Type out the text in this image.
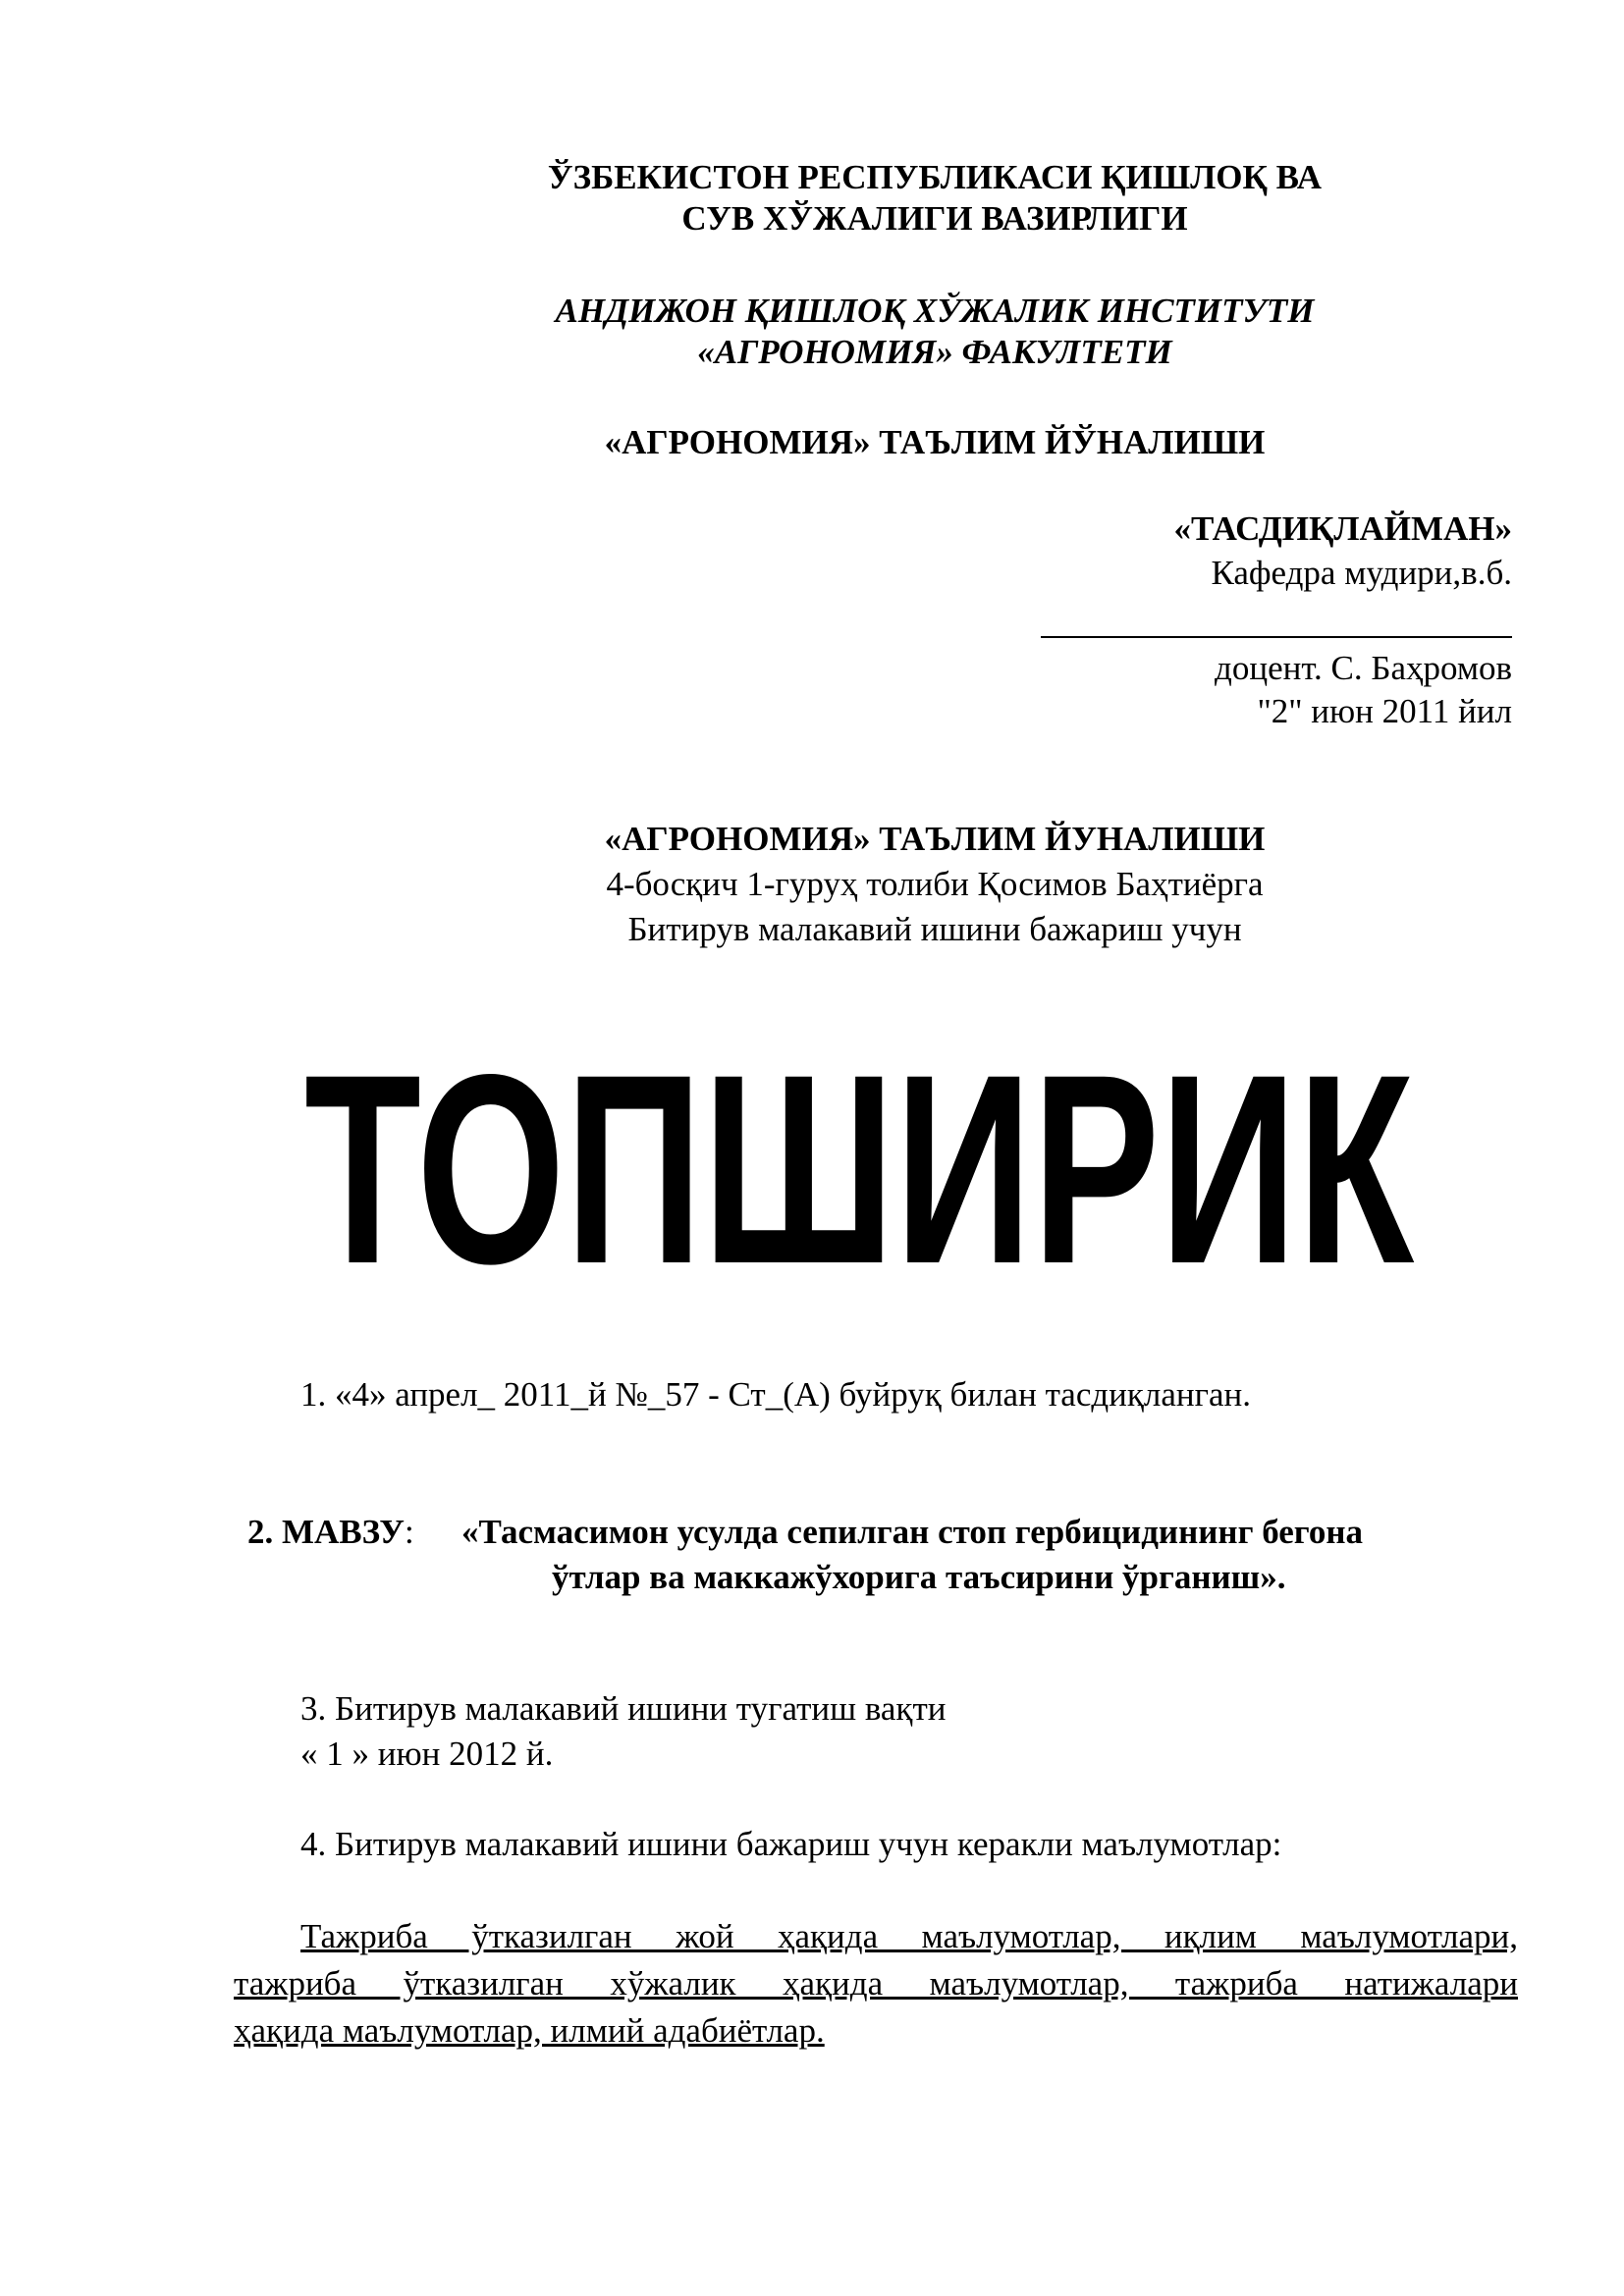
ЎЗБЕКИСТОН РЕСПУБЛИКАСИ ҚИШЛОҚ ВА
СУВ ХЎЖАЛИГИ ВАЗИРЛИГИ
АНДИЖОН ҚИШЛОҚ ХЎЖАЛИК ИНСТИТУТИ
«АГРОНОМИЯ» ФАКУЛТЕТИ
«АГРОНОМИЯ» ТАЪЛИМ ЙЎНАЛИШИ
«ТАСДИҚЛАЙМАН»
Кафедра мудири,в.б.
доцент. С. Баҳромов
"2" июн 2011 йил
«АГРОНОМИЯ» ТАЪЛИМ ЙУНАЛИШИ
4-босқич 1-гуруҳ толиби Қосимов Баҳтиёрга
Битирув малакавий ишини бажариш учун
ТОПШИРИК
1. «4» апрел_ 2011_й №_57 - Ст_(А) буйруқ билан тасдиқланган.
2. МАВЗУ: «Тасмасимон усулда сепилган стоп гербицидининг бегона
ўтлар ва маккажўхорига таъсирини ўрганиш».
3. Битирув малакавий ишини тугатиш вақти
« 1 » июн 2012 й.
4. Битирув малакавий ишини бажариш учун керакли маълумотлар:
Тажриба ўтказилган жой ҳақида маълумотлар, иқлим маълумотлари,
тажриба ўтказилган хўжалик ҳақида маълумотлар, тажриба натижалари
ҳақида маълумотлар, илмий адабиётлар.
